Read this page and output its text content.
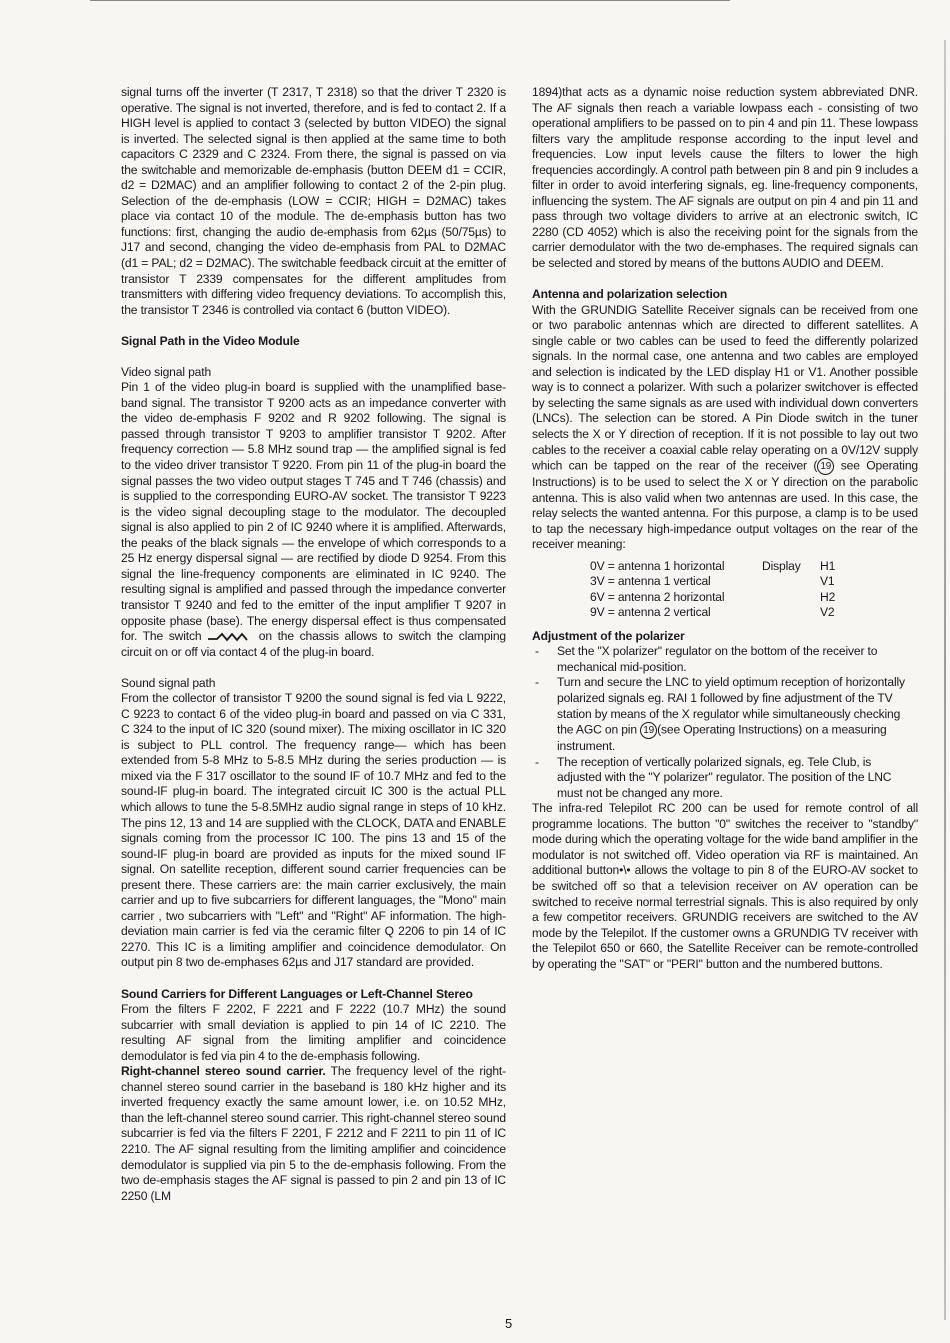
signal turns off the inverter (T 2317, T 2318) so that the driver T 2320 is operative. The signal is not inverted, therefore, and is fed to contact 2. If a HIGH level is applied to contact 3 (selected by button VIDEO) the signal is inverted. The selected signal is then applied at the same time to both capacitors C 2329 and C 2324. From there, the signal is passed on via the switchable and memorizable de-emphasis (button DEEM d1 = CCIR, d2 = D2MAC) and an amplifier following to contact 2 of the 2-pin plug. Selection of the de-emphasis (LOW = CCIR; HIGH = D2MAC) takes place via contact 10 of the module. The de-emphasis button has two functions: first, changing the audio de-emphasis from 62µs (50/75µs) to J17 and second, changing the video de-emphasis from PAL to D2MAC (d1 = PAL; d2 = D2MAC). The switchable feedback circuit at the emitter of transistor T 2339 compensates for the different amplitudes from transmitters with differing video frequency deviations. To accomplish this, the transistor T 2346 is controlled via contact 6 (button VIDEO).

Signal Path in the Video Module

Video signal path

Pin 1 of the video plug-in board is supplied with the unamplified base-band signal. The transistor T 9200 acts as an impedance converter with the video de-emphasis F 9202 and R 9202 following. The signal is passed through transistor T 9203 to amplifier transistor T 9202. After frequency correction — 5.8 MHz sound trap — the amplified signal is fed to the video driver transistor T 9220. From pin 11 of the plug-in board the signal passes the two video output stages T 745 and T 746 (chassis) and is supplied to the corresponding EURO-AV socket. The transistor T 9223 is the video signal decoupling stage to the modulator. The decoupled signal is also applied to pin 2 of IC 9240 where it is amplified. Afterwards, the peaks of the black signals — the envelope of which corresponds to a 25 Hz energy dispersal signal — are rectified by diode D 9254. From this signal the line-frequency components are eliminated in IC 9240. The resulting signal is amplified and passed through the impedance converter transistor T 9240 and fed to the emitter of the input amplifier T 9207 in opposite phase (base). The energy dispersal effect is thus compensated for. The switch	on the chassis allows to switch the clamping circuit on or off via contact 4 of the plug-in board.

Sound signal path

From the collector of transistor T 9200 the sound signal is fed via L 9222, C 9223 to contact 6 of the video plug-in board and passed on via C 331, C 324 to the input of IC 320 (sound mixer). The mixing oscillator in IC 320 is subject to PLL control. The frequency range— which has been extended from 5-8 MHz to 5-8.5 MHz during the series production — is mixed via the F 317 oscillator to the sound IF of 10.7 MHz and fed to the sound-IF plug-in board. The integrated circuit IC 300 is the actual PLL which allows to tune the 5-8.5MHz audio signal range in steps of 10 kHz. The pins 12, 13 and 14 are supplied with the CLOCK, DATA and ENABLE signals coming from the processor IC 100. The pins 13 and 15 of the sound-IF plug-in board are provided as inputs for the mixed sound IF signal. On satellite reception, different sound carrier frequencies can be present there. These carriers are: the main carrier exclusively, the main carrier and up to five subcarriers for different languages, the "Mono" main carrier , two subcarriers with "Left" and "Right" AF information. The high-deviation main carrier is fed via the ceramic filter Q 2206 to pin 14 of IC 2270. This IC is a limiting amplifier and coincidence demodulator. On output pin 8 two de-emphases 62µs and J17 standard are provided.

Sound Carriers for Different Languages or Left-Channel Stereo

From the filters F 2202, F 2221 and F 2222 (10.7 MHz) the sound subcarrier with small deviation is applied to pin 14 of IC 2210. The resulting AF signal from the limiting amplifier and coincidence demodulator is fed via pin 4 to the de-emphasis following.

Right-channel stereo sound carrier. The frequency level of the right-channel stereo sound carrier in the baseband is 180 kHz higher and its inverted frequency exactly the same amount lower, i.e. on 10.52 MHz, than the left-channel stereo sound carrier. This right-channel stereo sound subcarrier is fed via the filters F 2201, F 2212 and F 2211 to pin 11 of IC 2210. The AF signal resulting from the limiting amplifier and coincidence demodulator is supplied via pin 5 to the de-emphasis following. From the two de-emphasis stages the AF signal is passed to pin 2 and pin 13 of IC 2250 (LM

1894)that acts as a dynamic noise reduction system abbreviated DNR. The AF signals then reach a variable lowpass each - consisting of two operational amplifiers to be passed on to pin 4 and pin 11. These lowpass filters vary the amplitude response according to the input level and frequencies. Low input levels cause the filters to lower the high frequencies accordingly. A control path between pin 8 and pin 9 includes a filter in order to avoid interfering signals, eg. line-frequency components, influencing the system. The AF signals are output on pin 4 and pin 11 and pass through two voltage dividers to arrive at an electronic switch, IC 2280 (CD 4052) which is also the receiving point for the signals from the carrier demodulator with the two de-emphases. The required signals can be selected and stored by means of the buttons AUDIO and DEEM.

Antenna and polarization selection

With the GRUNDIG Satellite Receiver signals can be received from one or two parabolic antennas which are directed to different satellites. A single cable or two cables can be used to feed the differently polarized signals. In the normal case, one antenna and two cables are employed and selection is indicated by the LED display H1 or V1. Another possible way is to connect a polarizer. With such a polarizer switchover is effected by selecting the same signals as are used with individual down converters (LNCs). The selection can be stored. A Pin Diode switch in the tuner selects the X or Y direction of reception. If it is not possible to lay out two cables to the receiver a coaxial cable relay operating on a 0V/12V supply which can be tapped on the rear of the receiver ( 19 see Operating Instructions) is to be used to select the X or Y direction on the parabolic antenna. This is also valid when two antennas are used. In this case, the relay selects the wanted antenna. For this purpose, a clamp is to be used to tap the necessary high-impedance output voltages on the rear of the receiver meaning:

0V = antenna 1 horizontal	Display	H1
3V = antenna 1 vertical		V1
6V = antenna 2 horizontal		H2
9V = antenna 2 vertical		V2
Adjustment of the polarizer
- Set the "X polarizer" regulator on the bottom of the receiver to mechanical mid-position.
- Turn and secure the LNC to yield optimum reception of horizontally polarized signals eg. RAI 1 followed by fine adjustment of the TV station by means of the X regulator while simultaneously checking the AGC on pin 19 (see Operating Instructions) on a measuring instrument.
- The reception of vertically polarized signals, eg. Tele Club, is adjusted with the "Y polarizer" regulator. The position of the LNC must not be changed any more.

The infra-red Telepilot RC 200 can be used for remote control of all programme locations. The button "0" switches the receiver to "standby" mode during which the operating voltage for the wide band amplifier in the modulator is not switched off. Video operation via RF is maintained. An additional button•\• allows the voltage to pin 8 of the EURO-AV socket to be switched off so that a television receiver on AV operation can be switched to receive normal terrestrial signals. This is also required by only a few competitor receivers. GRUNDIG receivers are switched to the AV mode by the Telepilot. If the customer owns a GRUNDIG TV receiver with the Telepilot 650 or 660, the Satellite Receiver can be remote-controlled by operating the "SAT" or "PERI" button and the numbered buttons.

5
